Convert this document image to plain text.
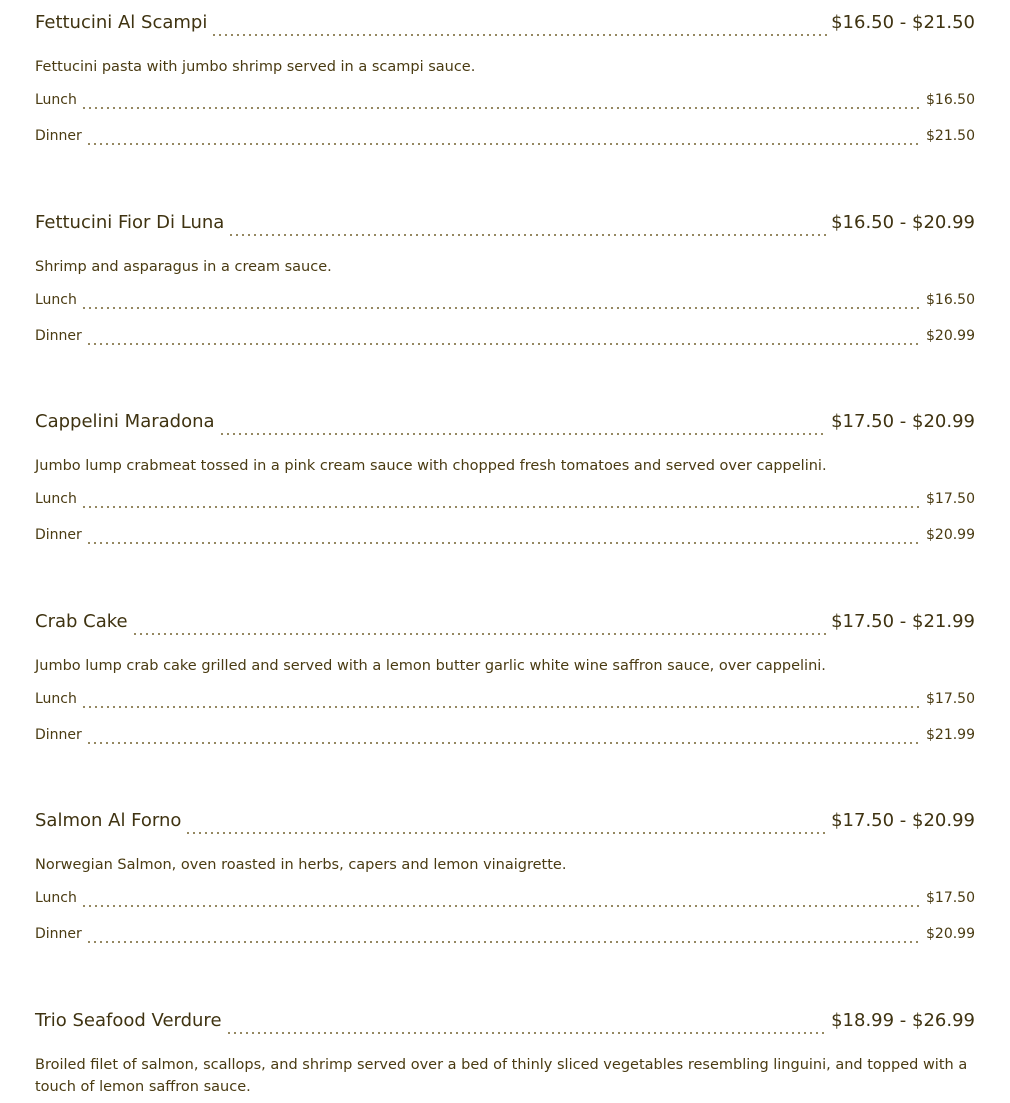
Fettucini Al Scampi	$16.50 - $21.50
Fettucini pasta with jumbo shrimp served in a scampi sauce.
Lunch	$16.50
Dinner	$21.50
Fettucini Fior Di Luna	$16.50 - $20.99
Shrimp and asparagus in a cream sauce.
Lunch	$16.50
Dinner	$20.99
Cappelini Maradona	$17.50 - $20.99
Jumbo lump crabmeat tossed in a pink cream sauce with chopped fresh tomatoes and served over cappelini.
Lunch	$17.50
Dinner	$20.99
Crab Cake	$17.50 - $21.99
Jumbo lump crab cake grilled and served with a lemon butter garlic white wine saffron sauce, over cappelini.
Lunch	$17.50
Dinner	$21.99
Salmon Al Forno	$17.50 - $20.99
Norwegian Salmon, oven roasted in herbs, capers and lemon vinaigrette.
Lunch	$17.50
Dinner	$20.99
Trio Seafood Verdure	$18.99 - $26.99
Broiled filet of salmon, scallops, and shrimp served over a bed of thinly sliced vegetables resembling linguini, and topped with a touch of lemon saffron sauce.
